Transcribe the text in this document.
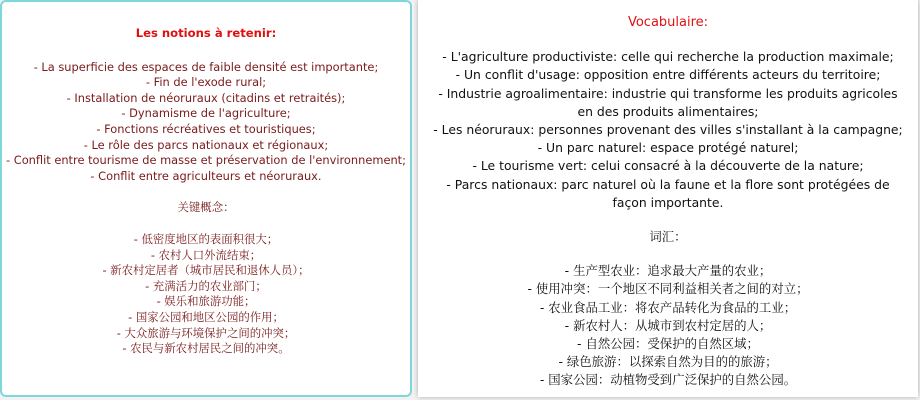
Les notions à retenir:
- La superficie des espaces de faible densité est importante;
- Fin de l'exode rural;
- Installation de néoruraux (citadins et retraités);
- Dynamisme de l'agriculture;
- Fonctions récréatives et touristiques;
- Le rôle des parcs nationaux et régionaux;
- Conflit entre tourisme de masse et préservation de l'environnement;
- Conflit entre agriculteurs et néoruraux.
关键概念：
- 低密度地区的表面积很大；
- 农村人口外流结束；
- 新农村定居者（城市居民和退休人员）；
- 充满活力的农业部门；
- 娱乐和旅游功能；
- 国家公园和地区公园的作用；
- 大众旅游与环境保护之间的冲突；
- 农民与新农村居民之间的冲突。
Vocabulaire:
- L'agriculture productiviste: celle qui recherche la production maximale;
- Un conflit d'usage: opposition entre différents acteurs du territoire;
- Industrie agroalimentaire: industrie qui transforme les produits agricoles en des produits alimentaires;
- Les néoruraux: personnes provenant des villes s'installant à la campagne;
- Un parc naturel: espace protégé naturel;
- Le tourisme vert: celui consacré à la découverte de la nature;
- Parcs nationaux: parc naturel où la faune et la flore sont protégées de façon importante.
词汇：
- 生产型农业：追求最大产量的农业；
- 使用冲突：一个地区不同利益相关者之间的对立；
- 农业食品工业：将农产品转化为食品的工业；
- 新农村人：从城市到农村定居的人；
- 自然公园：受保护的自然区域；
- 绿色旅游：以探索自然为目的的旅游；
- 国家公园：动植物受到广泛保护的自然公园。
